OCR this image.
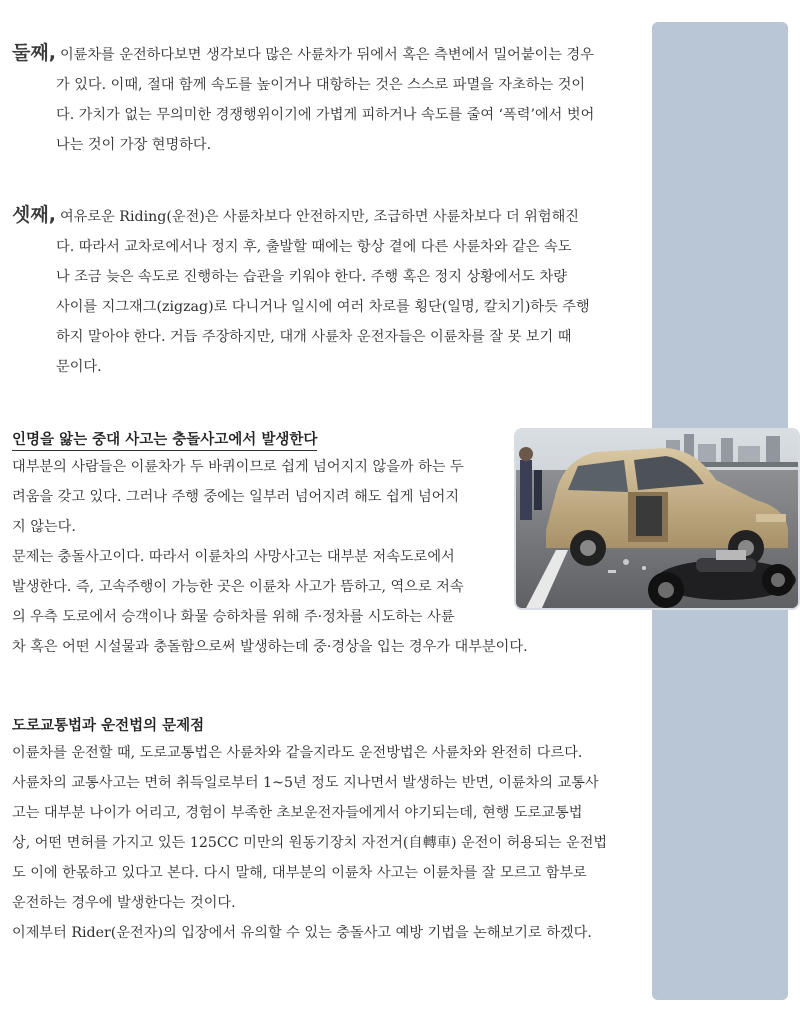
둘째, 이륜차를 운전하다보면 생각보다 많은 사륜차가 뒤에서 혹은 측변에서 밀어붙이는 경우
가 있다. 이때, 절대 함께 속도를 높이거나 대항하는 것은 스스로 파멸을 자초하는 것이
다. 가치가 없는 무의미한 경쟁행위이기에 가볍게 피하거나 속도를 줄여 ‘폭력’에서 벗어
나는 것이 가장 현명하다.
셋째, 여유로운 Riding(운전)은 사륜차보다 안전하지만, 조급하면 사륜차보다 더 위험해진
다. 따라서 교차로에서나 정지 후, 출발할 때에는 항상 곁에 다른 사륜차와 같은 속도
나 조금 늦은 속도로 진행하는 습관을 키워야 한다. 주행 혹은 정지 상황에서도 차량
사이를 지그재그(zigzag)로 다니거나 일시에 여러 차로를 횡단(일명, 칼치기)하듯 주행
하지 말아야 한다. 거듭 주장하지만, 대개 사륜차 운전자들은 이륜차를 잘 못 보기 때
문이다.
인명을 앓는 중대 사고는 충돌사고에서 발생한다
대부분의 사람들은 이륜차가 두 바퀴이므로 쉽게 넘어지지 않을까 하는 두
려움을 갖고 있다. 그러나 주행 중에는 일부러 넘어지려 해도 쉽게 넘어지
지 않는다.
문제는 충돌사고이다. 따라서 이륜차의 사망사고는 대부분 저속도로에서
발생한다. 즉, 고속주행이 가능한 곳은 이륜차 사고가 뜸하고, 역으로 저속
의 우측 도로에서 승객이나 화물 승하차를 위해 주·정차를 시도하는 사륜
차 혹은 어떤 시설물과 충돌함으로써 발생하는데 중·경상을 입는 경우가 대부분이다.
도로교통법과 운전법의 문제점
이륜차를 운전할 때, 도로교통법은 사륜차와 같을지라도 운전방법은 사륜차와 완전히 다르다.
사륜차의 교통사고는 면허 취득일로부터 1~5년 정도 지나면서 발생하는 반면, 이륜차의 교통사
고는 대부분 나이가 어리고, 경험이 부족한 초보운전자들에게서 야기되는데, 현행 도로교통법
상, 어떤 면허를 가지고 있든 125CC 미만의 원동기장치 자전거(自轉車) 운전이 허용되는 운전법
도 이에 한몫하고 있다고 본다. 다시 말해, 대부분의 이륜차 사고는 이륜차를 잘 모르고 함부로
운전하는 경우에 발생한다는 것이다.
이제부터 Rider(운전자)의 입장에서 유의할 수 있는 충돌사고 예방 기법을 논해보기로 하겠다.
